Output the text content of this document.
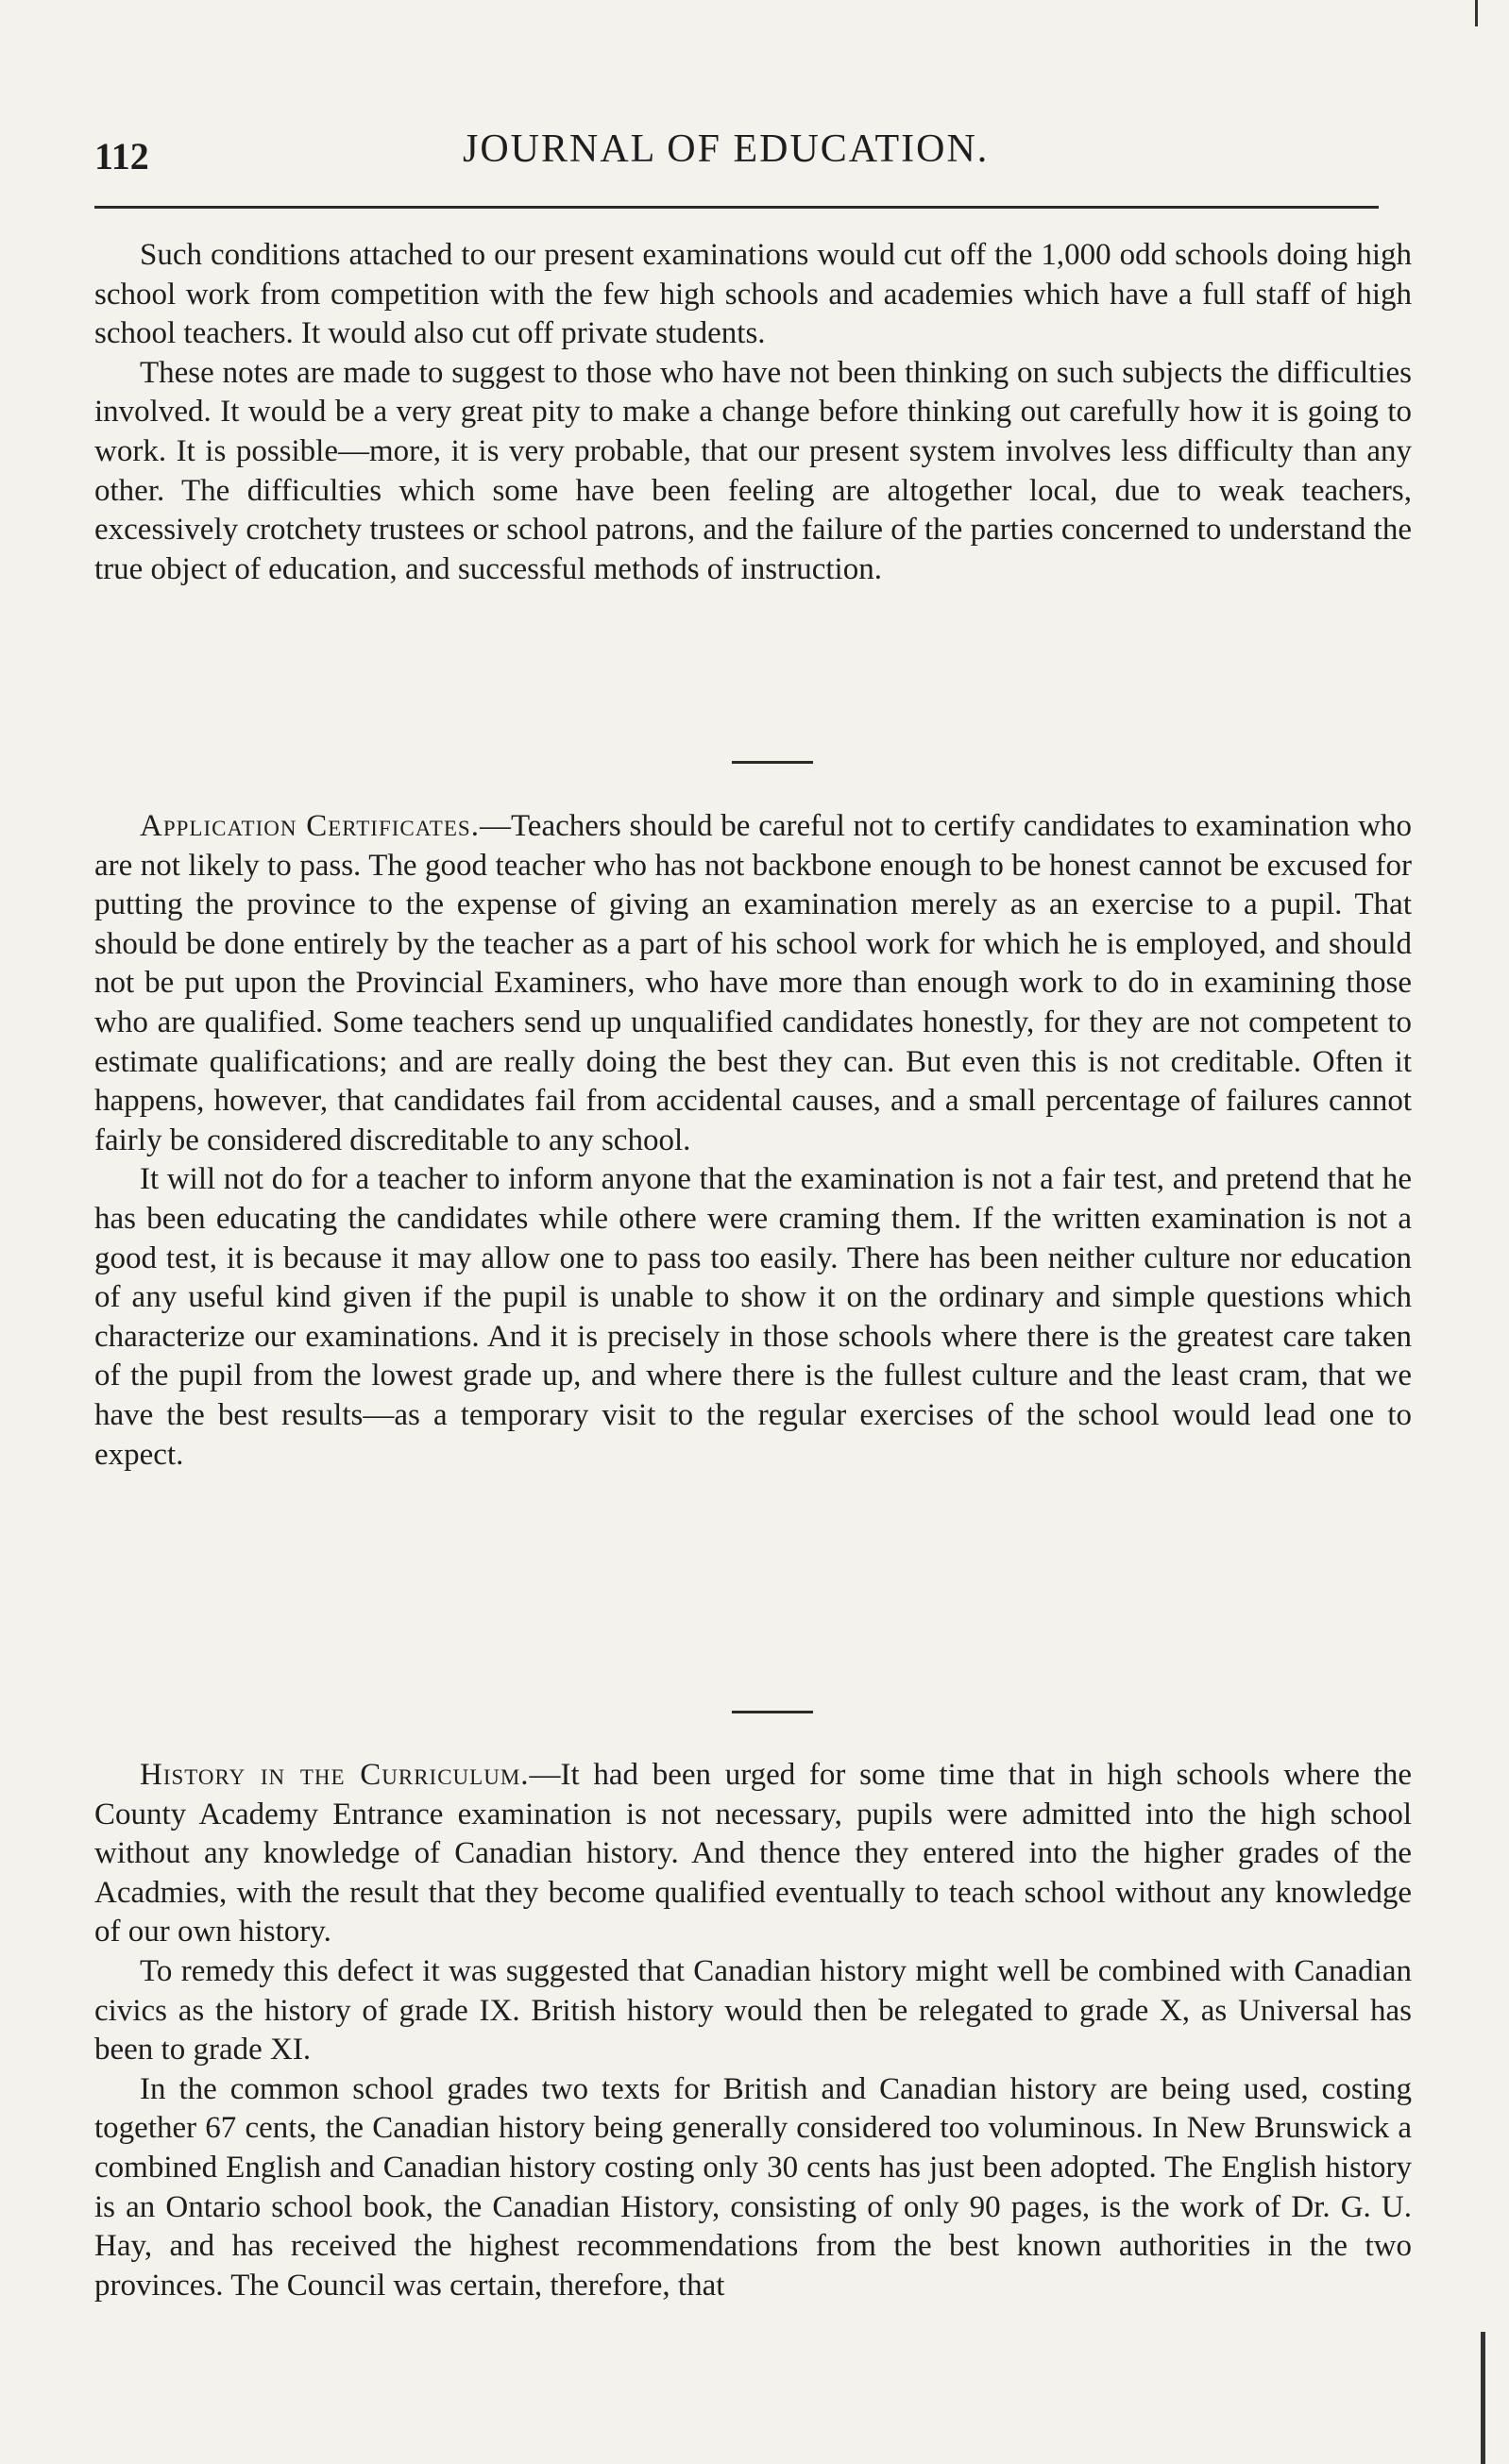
112	JOURNAL OF EDUCATION.

Such conditions attached to our present examinations would cut off the 1,000 odd schools doing high school work from competition with the few high schools and academies which have a full staff of high school teachers. It would also cut off private students.

These notes are made to suggest to those who have not been thinking on such subjects the difficulties involved. It would be a very great pity to make a change before thinking out carefully how it is going to work. It is possible—more, it is very probable, that our present system involves less difficulty than any other. The difficulties which some have been feeling are altogether local, due to weak teachers, excessively crotchety trustees or school patrons, and the failure of the parties concerned to understand the true object of education, and successful methods of instruction.

Application Certificates.—Teachers should be careful not to certify candidates to examination who are not likely to pass. The good teacher who has not backbone enough to be honest cannot be excused for putting the province to the expense of giving an examination merely as an exercise to a pupil. That should be done entirely by the teacher as a part of his school work for which he is employed, and should not be put upon the Provincial Examiners, who have more than enough work to do in examining those who are qualified. Some teachers send up unqualified candidates honestly, for they are not competent to estimate qualifications; and are really doing the best they can. But even this is not creditable. Often it happens, however, that candidates fail from accidental causes, and a small percentage of failures cannot fairly be considered discreditable to any school.

It will not do for a teacher to inform anyone that the examination is not a fair test, and pretend that he has been educating the candidates while othere were craming them. If the written examination is not a good test, it is because it may allow one to pass too easily. There has been neither culture nor education of any useful kind given if the pupil is unable to show it on the ordinary and simple questions which characterize our examinations. And it is precisely in those schools where there is the greatest care taken of the pupil from the lowest grade up, and where there is the fullest culture and the least cram, that we have the best results—as a temporary visit to the regular exercises of the school would lead one to expect.

History in the Curriculum.—It had been urged for some time that in high schools where the County Academy Entrance examination is not necessary, pupils were admitted into the high school without any knowledge of Canadian history. And thence they entered into the higher grades of the Acadmies, with the result that they become qualified eventually to teach school without any knowledge of our own history.

To remedy this defect it was suggested that Canadian history might well be combined with Canadian civics as the history of grade IX. British history would then be relegated to grade X, as Universal has been to grade XI.

In the common school grades two texts for British and Canadian history are being used, costing together 67 cents, the Canadian history being generally considered too voluminous. In New Brunswick a combined English and Canadian history costing only 30 cents has just been adopted. The English history is an Ontario school book, the Canadian History, consisting of only 90 pages, is the work of Dr. G. U. Hay, and has received the highest recommendations from the best known authorities in the two provinces. The Council was certain, therefore, that
